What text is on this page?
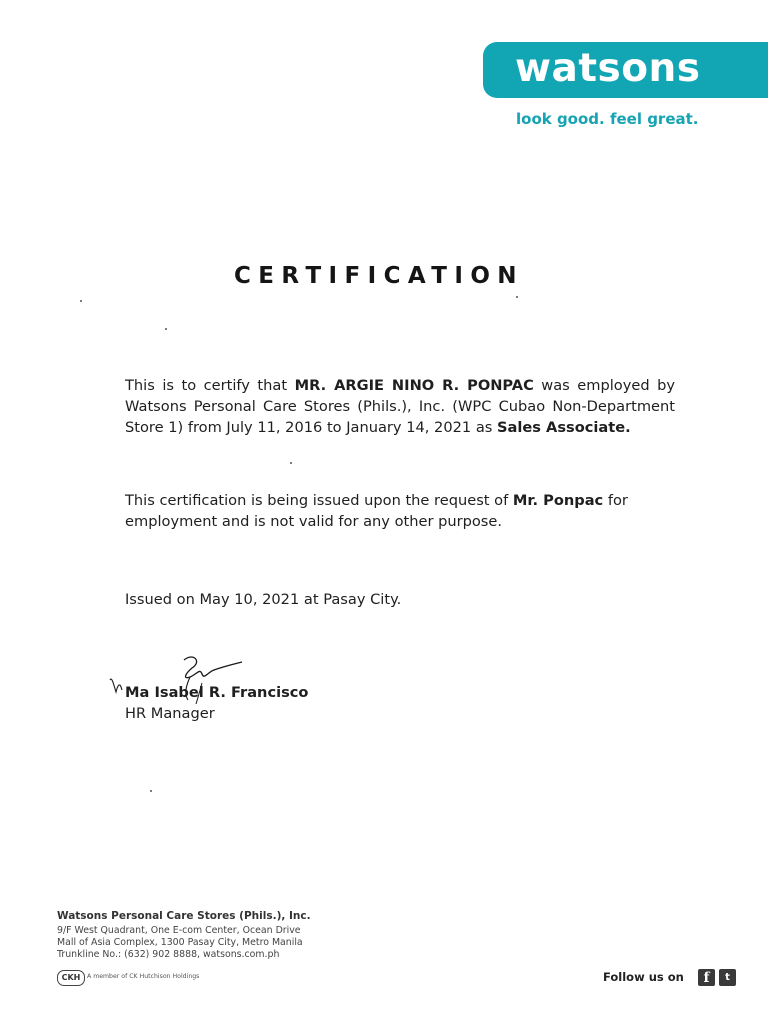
watsons
look good. feel great.
CERTIFICATION
This is to certify that MR. ARGIE NINO R. PONPAC was employed by Watsons Personal Care Stores (Phils.), Inc. (WPC Cubao Non-Department Store 1) from July 11, 2016 to January 14, 2021 as Sales Associate.
This certification is being issued upon the request of Mr. Ponpac for employment and is not valid for any other purpose.
Issued on May 10, 2021 at Pasay City.
Ma Isabel R. Francisco
HR Manager
Watsons Personal Care Stores (Phils.), Inc.
9/F West Quadrant, One E-com Center, Ocean Drive
Mall of Asia Complex, 1300 Pasay City, Metro Manila
Trunkline No.: (632) 902 8888, watsons.com.ph
CKH	A member of CK Hutchison Holdings	Follow us on	f	t
